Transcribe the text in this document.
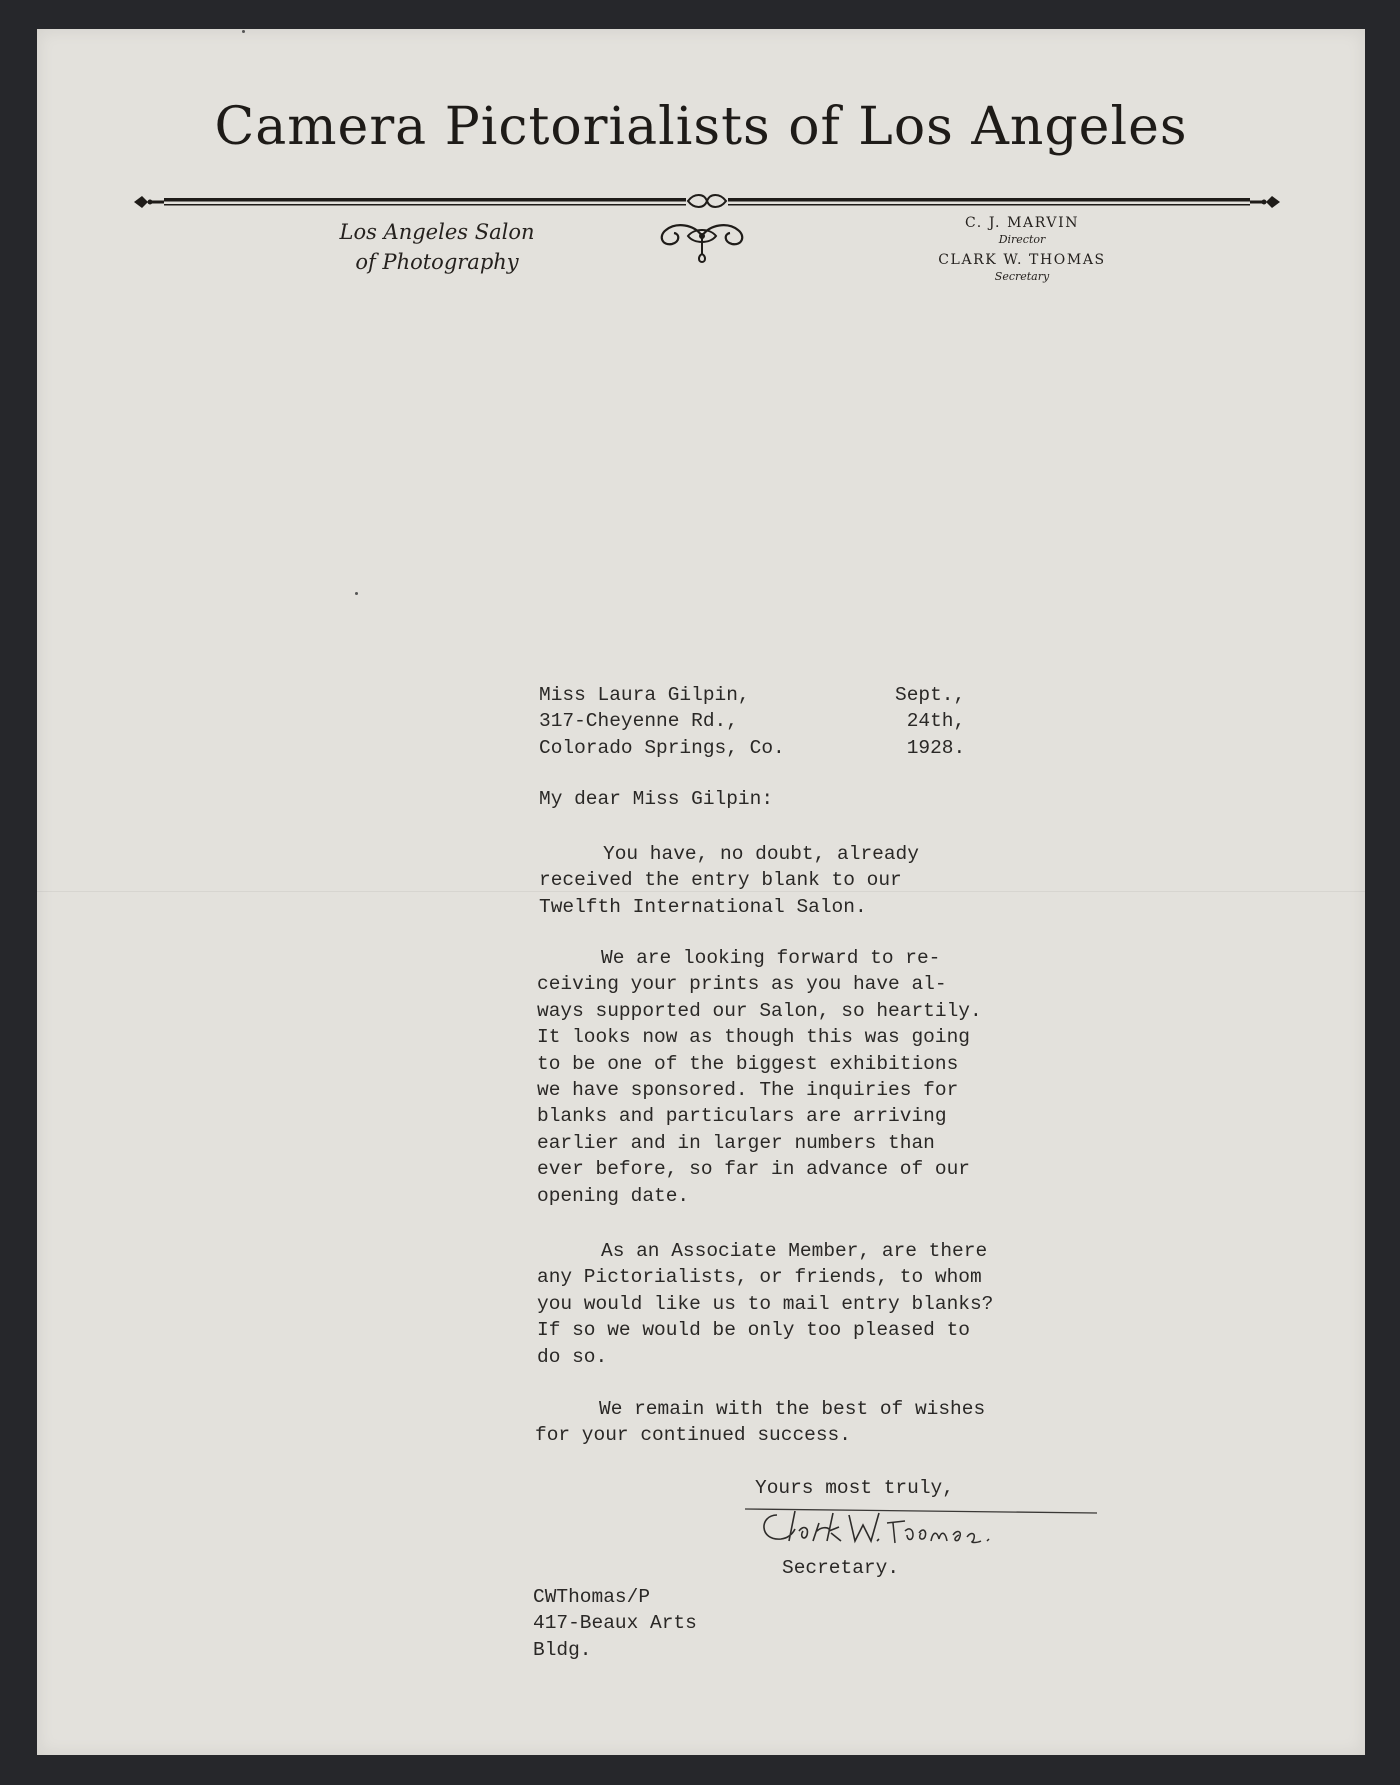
Camera Pictorialists of Los Angeles
Los Angeles Salon
of Photography
C. J. MARVIN
Director
CLARK W. THOMAS
Secretary
Miss Laura Gilpin,
317-Cheyenne Rd.,
Colorado Springs, Co.
Sept.,
24th,
1928.
My dear Miss Gilpin:
You have, no doubt, already
received the entry blank to our
Twelfth International Salon.
We are looking forward to re-
ceiving your prints as you have al-
ways supported our Salon, so heartily.
It looks now as though this was going
to be one of the biggest exhibitions
we have sponsored. The inquiries for
blanks and particulars are arriving
earlier and in larger numbers than
ever before, so far in advance of our
opening date.
As an Associate Member, are there
any Pictorialists, or friends, to whom
you would like us to mail entry blanks?
If so we would be only too pleased to
do so.
We remain with the best of wishes
for your continued success.
Yours most truly,
Secretary.
CWThomas/P
417-Beaux Arts
Bldg.
